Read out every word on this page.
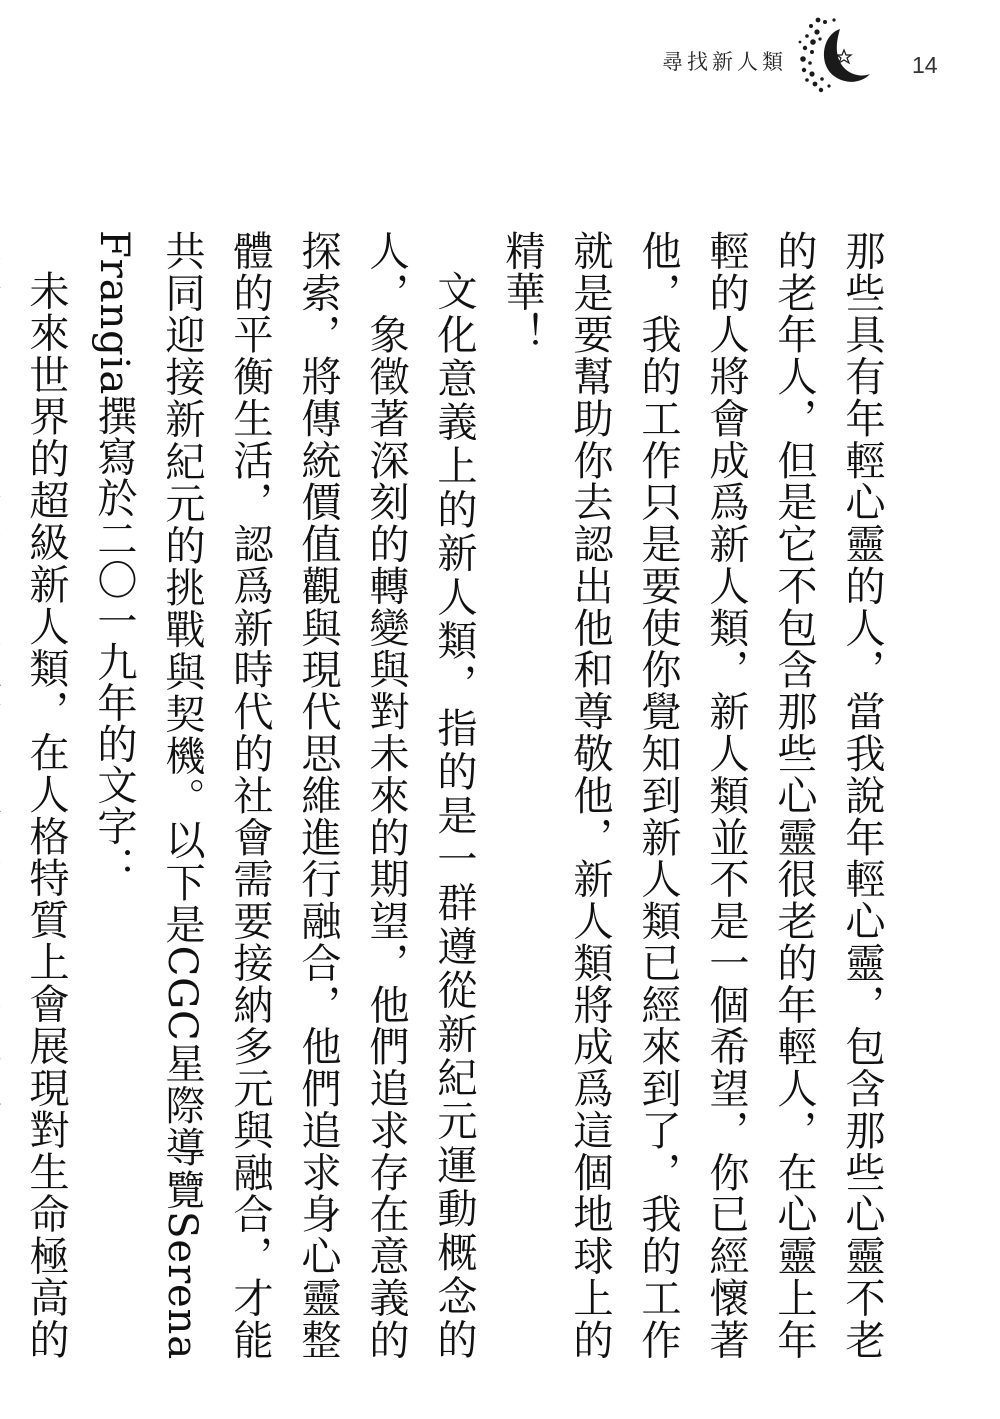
尋找新人類	14

那些具有年輕心靈的人，當我說年輕心靈，包含那些心靈不老的老年人，但是它不包含那些心靈很老的年輕人，在心靈上年輕的人將會成爲新人類，新人類並不是一個希望，你已經懷著他，我的工作只是要使你覺知到新人類已經來到了，我的工作就是要幫助你去認出他和尊敬他，新人類將成爲這個地球上的精華！

文化意義上的新人類，指的是一群遵從新紀元運動概念的人，象徵著深刻的轉變與對未來的期望，他們追求存在意義的探索，將傳統價值觀與現代思維進行融合，他們追求身心靈整體的平衡生活，認爲新時代的社會需要接納多元與融合，才能共同迎接新紀元的挑戰與契機。以下是CGC星際導覽Serena Frangia撰寫於二〇一九年的文字：

未來世界的超級新人類，在人格特質上會展現對生命極高的
